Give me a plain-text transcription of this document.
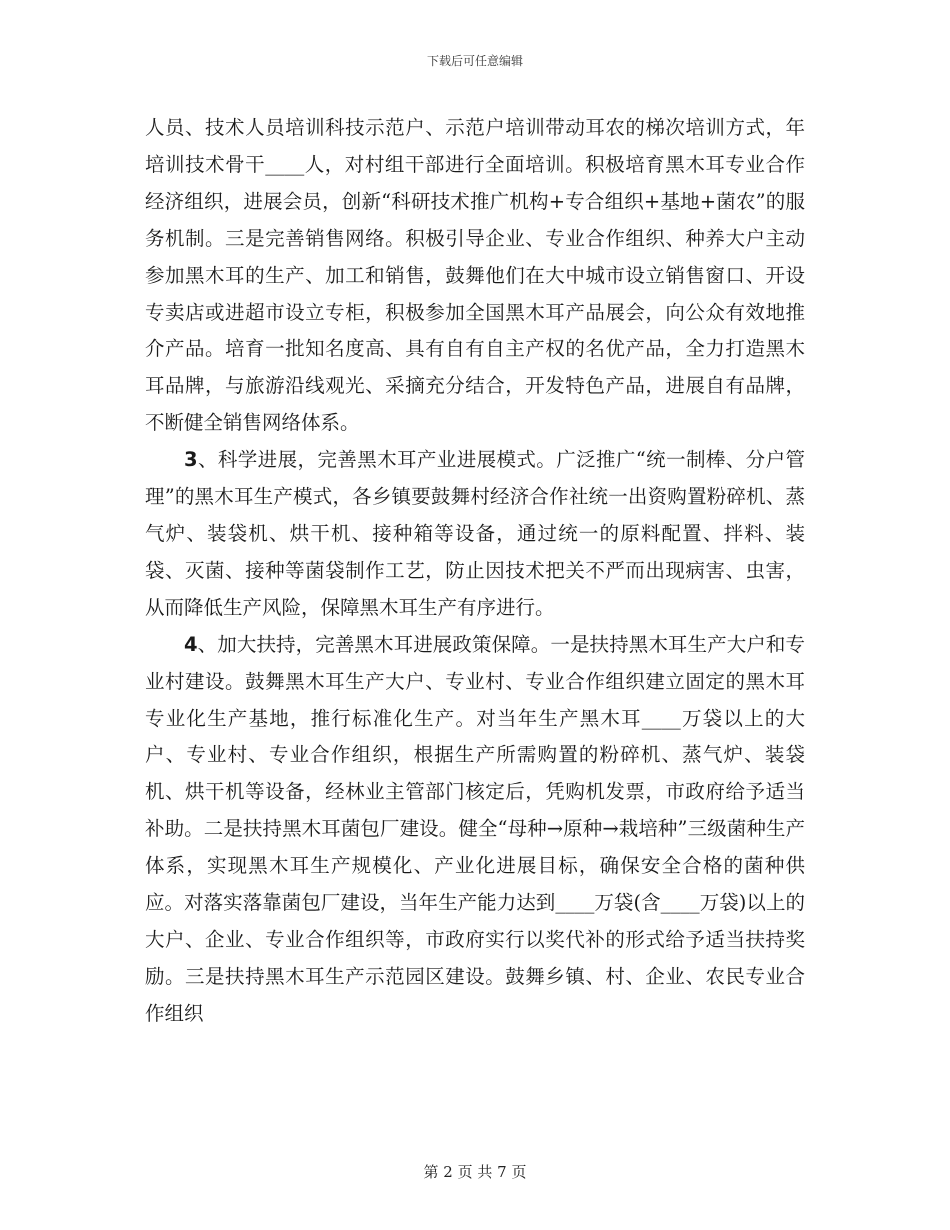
下载后可任意编辑

人员、技术人员培训科技示范户、示范户培训带动耳农的梯次培训方式，年培训技术骨干____人，对村组干部进行全面培训。积极培育黑木耳专业合作经济组织，进展会员，创新“科研技术推广机构+专合组织+基地+菌农”的服务机制。三是完善销售网络。积极引导企业、专业合作组织、种养大户主动参加黑木耳的生产、加工和销售，鼓舞他们在大中城市设立销售窗口、开设专卖店或进超市设立专柜，积极参加全国黑木耳产品展会，向公众有效地推介产品。培育一批知名度高、具有自有自主产权的名优产品，全力打造黑木耳品牌，与旅游沿线观光、采摘充分结合，开发特色产品，进展自有品牌，不断健全销售网络体系。

3、科学进展，完善黑木耳产业进展模式。广泛推广“统一制棒、分户管理”的黑木耳生产模式，各乡镇要鼓舞村经济合作社统一出资购置粉碎机、蒸气炉、装袋机、烘干机、接种箱等设备，通过统一的原料配置、拌料、装袋、灭菌、接种等菌袋制作工艺，防止因技术把关不严而出现病害、虫害，从而降低生产风险，保障黑木耳生产有序进行。

4、加大扶持，完善黑木耳进展政策保障。一是扶持黑木耳生产大户和专业村建设。鼓舞黑木耳生产大户、专业村、专业合作组织建立固定的黑木耳专业化生产基地，推行标准化生产。对当年生产黑木耳____万袋以上的大户、专业村、专业合作组织，根据生产所需购置的粉碎机、蒸气炉、装袋机、烘干机等设备，经林业主管部门核定后，凭购机发票，市政府给予适当补助。二是扶持黑木耳菌包厂建设。健全“母种→原种→栽培种”三级菌种生产体系，实现黑木耳生产规模化、产业化进展目标，确保安全合格的菌种供应。对落实落靠菌包厂建设，当年生产能力达到____万袋(含____万袋)以上的大户、企业、专业合作组织等，市政府实行以奖代补的形式给予适当扶持奖励。三是扶持黑木耳生产示范园区建设。鼓舞乡镇、村、企业、农民专业合作组织

第 2 页 共 7 页
